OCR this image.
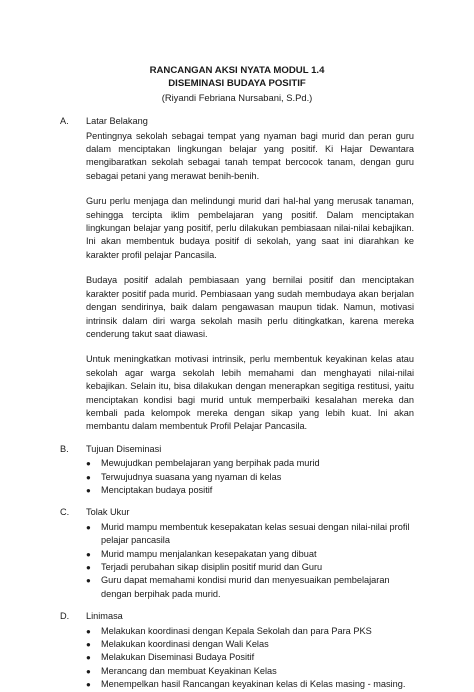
RANCANGAN AKSI NYATA MODUL 1.4
DISEMINASI BUDAYA POSITIF
(Riyandi Febriana Nursabani, S.Pd.)
A.	Latar Belakang

Pentingnya sekolah sebagai tempat yang nyaman bagi murid dan peran guru dalam menciptakan lingkungan belajar yang positif. Ki Hajar Dewantara mengibaratkan sekolah sebagai tanah tempat bercocok tanam, dengan guru sebagai petani yang merawat benih-benih.

Guru perlu menjaga dan melindungi murid dari hal-hal yang merusak tanaman, sehingga tercipta iklim pembelajaran yang positif. Dalam menciptakan lingkungan belajar yang positif, perlu dilakukan pembiasaan nilai-nilai kebajikan. Ini akan membentuk budaya positif di sekolah, yang saat ini diarahkan ke karakter profil pelajar Pancasila.

Budaya positif adalah pembiasaan yang bernilai positif dan menciptakan karakter positif pada murid. Pembiasaan yang sudah membudaya akan berjalan dengan sendirinya, baik dalam pengawasan maupun tidak. Namun, motivasi intrinsik dalam diri warga sekolah masih perlu ditingkatkan, karena mereka cenderung takut saat diawasi.

Untuk meningkatkan motivasi intrinsik, perlu membentuk keyakinan kelas atau sekolah agar warga sekolah lebih memahami dan menghayati nilai-nilai kebajikan. Selain itu, bisa dilakukan dengan menerapkan segitiga restitusi, yaitu menciptakan kondisi bagi murid untuk memperbaiki kesalahan mereka dan kembali pada kelompok mereka dengan sikap yang lebih kuat. Ini akan membantu dalam membentuk Profil Pelajar Pancasila.

B.	Tujuan Diseminasi
● Mewujudkan pembelajaran yang berpihak pada murid
● Terwujudnya suasana yang nyaman di kelas
● Menciptakan budaya positif
C.	Tolak Ukur
● Murid mampu membentuk kesepakatan kelas sesuai dengan nilai-nilai profil pelajar pancasila
● Murid mampu menjalankan kesepakatan yang dibuat
● Terjadi perubahan sikap disiplin positif murid dan Guru
● Guru dapat memahami kondisi murid dan menyesuaikan pembelajaran dengan berpihak pada murid.
D.	Linimasa
● Melakukan koordinasi dengan Kepala Sekolah dan para Para PKS
● Melakukan koordinasi dengan Wali Kelas
● Melakukan Diseminasi Budaya Positif
● Merancang dan membuat Keyakinan Kelas
● Menempelkan hasil Rancangan keyakinan kelas di Kelas masing - masing.
